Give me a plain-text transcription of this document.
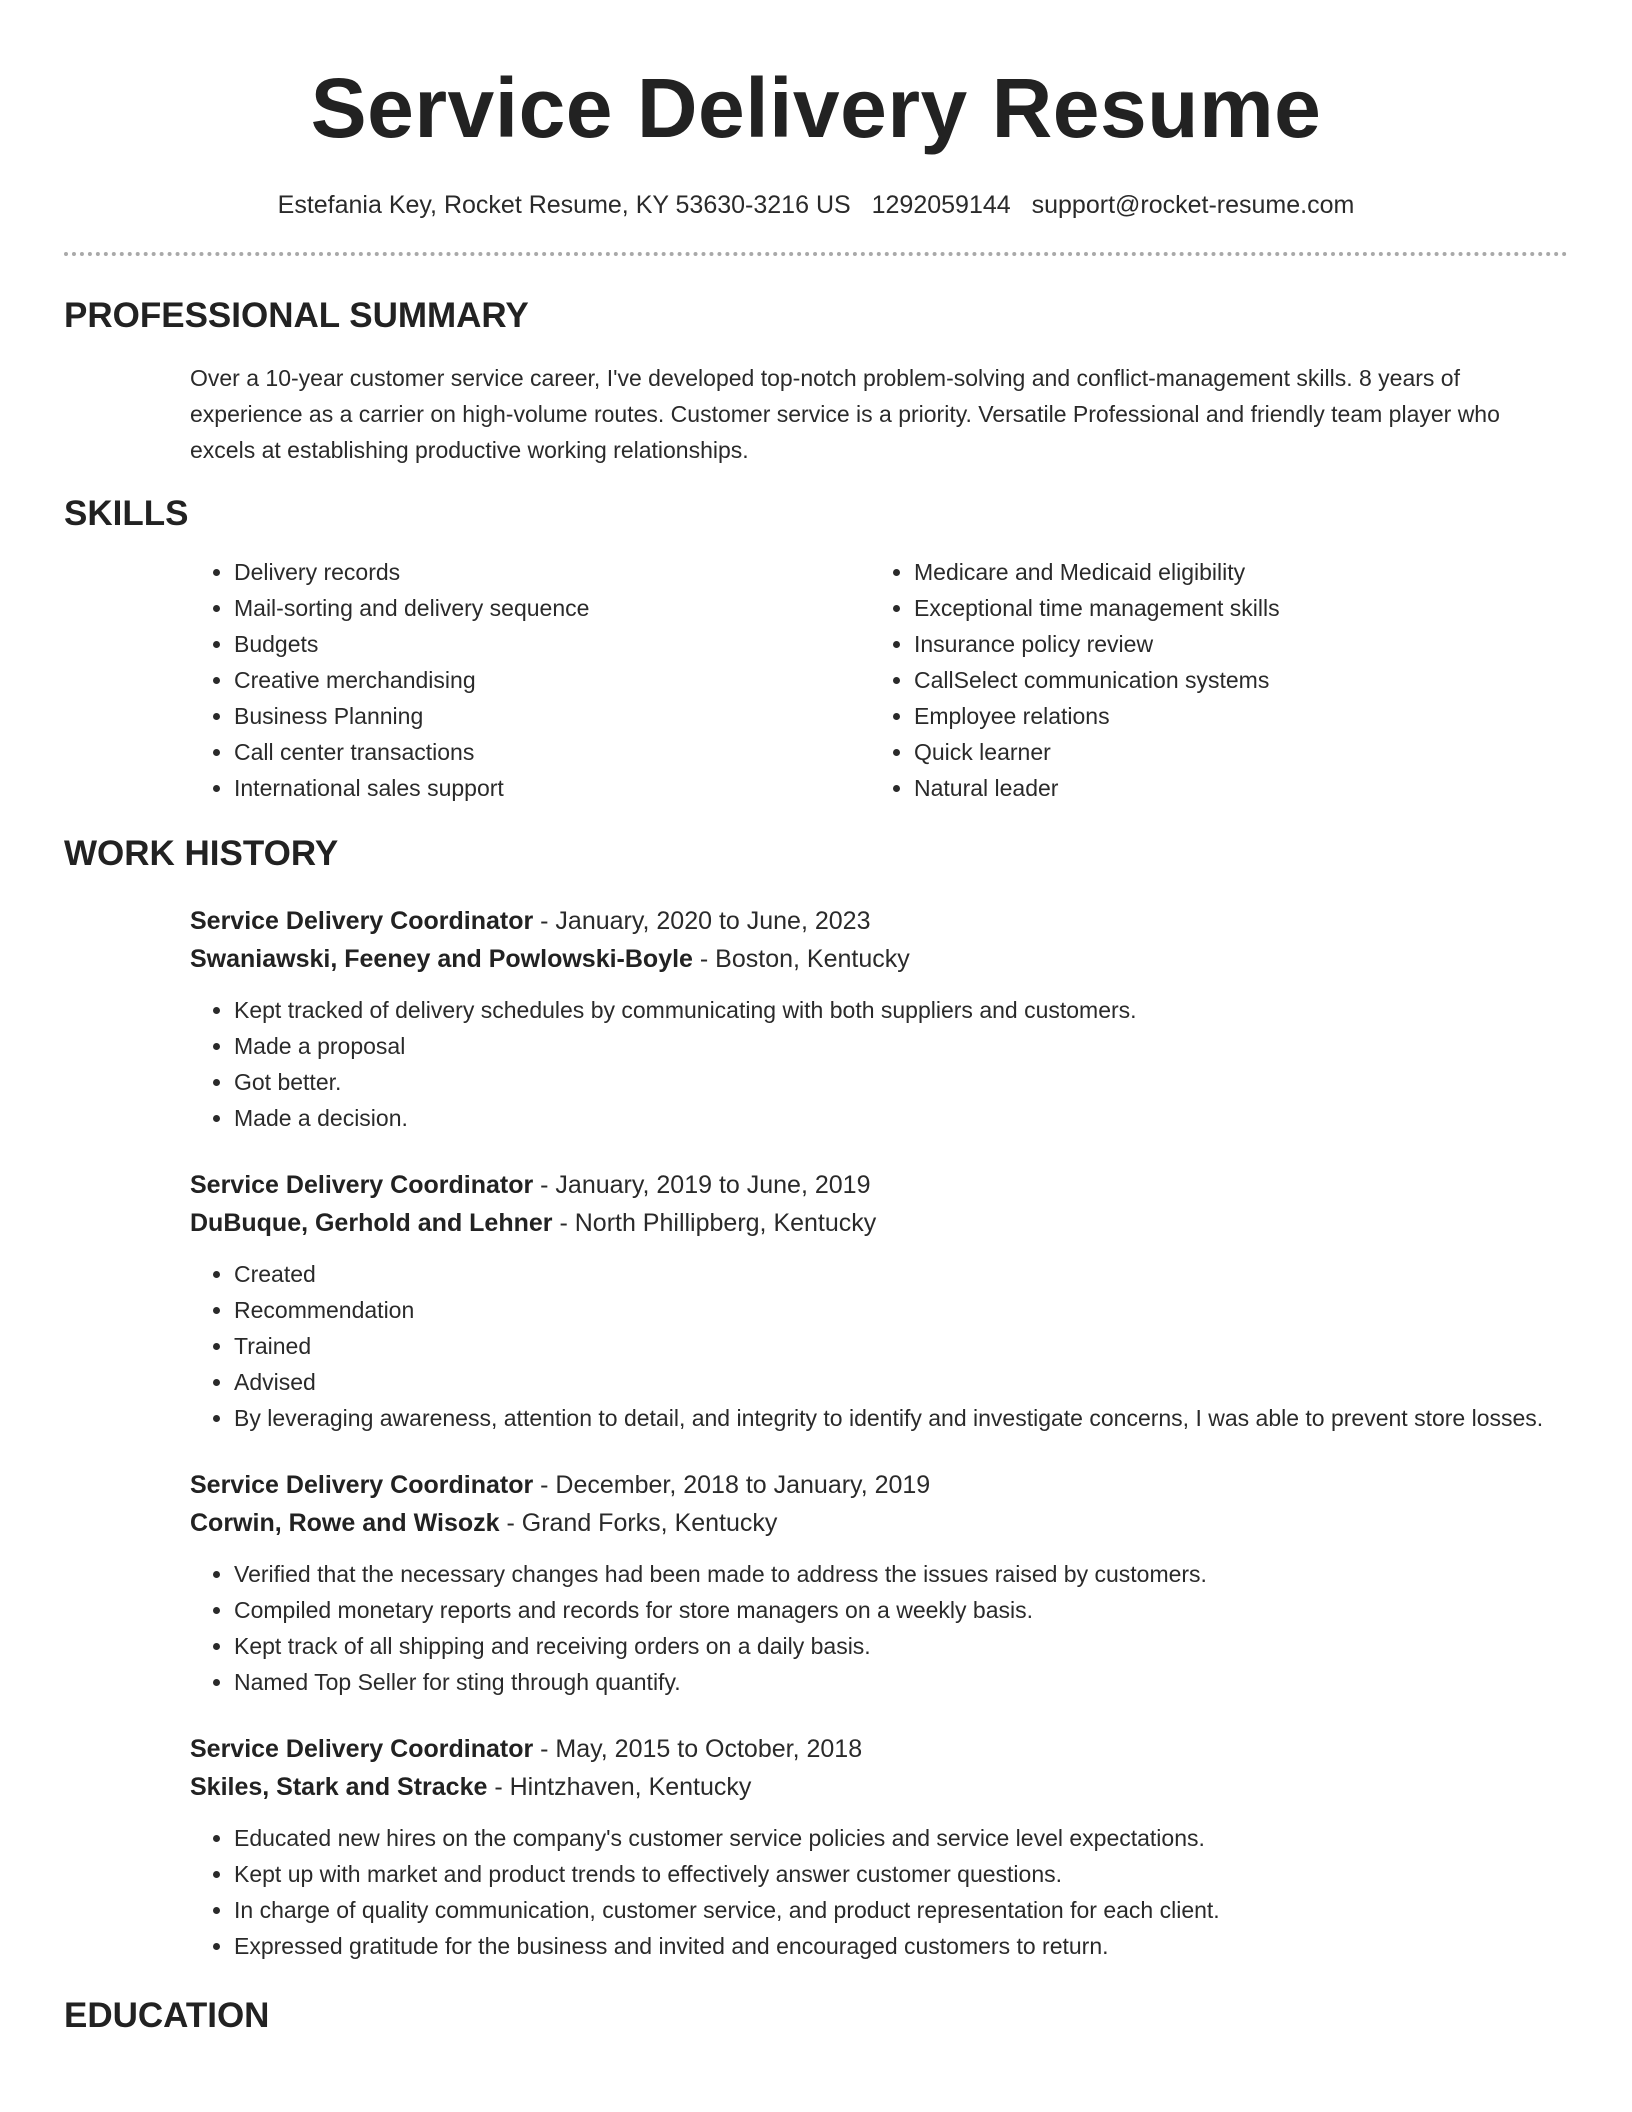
Service Delivery Resume
Estefania Key, Rocket Resume, KY 53630-3216 US 1292059144 support@rocket-resume.com
PROFESSIONAL SUMMARY

Over a 10-year customer service career, I've developed top-notch problem-solving and conflict-management skills. 8 years of experience as a carrier on high-volume routes. Customer service is a priority. Versatile Professional and friendly team player who excels at establishing productive working relationships.

SKILLS
• Delivery records
• Mail-sorting and delivery sequence
• Budgets
• Creative merchandising
• Business Planning
• Call center transactions
• International sales support
• Medicare and Medicaid eligibility
• Exceptional time management skills
• Insurance policy review
• CallSelect communication systems
• Employee relations
• Quick learner
• Natural leader
WORK HISTORY
Service Delivery Coordinator - January, 2020 to June, 2023
Swaniawski, Feeney and Powlowski-Boyle - Boston, Kentucky
• Kept tracked of delivery schedules by communicating with both suppliers and customers.
• Made a proposal
• Got better.
• Made a decision.
Service Delivery Coordinator - January, 2019 to June, 2019
DuBuque, Gerhold and Lehner - North Phillipberg, Kentucky
• Created
• Recommendation
• Trained
• Advised
• By leveraging awareness, attention to detail, and integrity to identify and investigate concerns, I was able to prevent store losses.
Service Delivery Coordinator - December, 2018 to January, 2019
Corwin, Rowe and Wisozk - Grand Forks, Kentucky
• Verified that the necessary changes had been made to address the issues raised by customers.
• Compiled monetary reports and records for store managers on a weekly basis.
• Kept track of all shipping and receiving orders on a daily basis.
• Named Top Seller for sting through quantify.
Service Delivery Coordinator - May, 2015 to October, 2018
Skiles, Stark and Stracke - Hintzhaven, Kentucky
• Educated new hires on the company's customer service policies and service level expectations.
• Kept up with market and product trends to effectively answer customer questions.
• In charge of quality communication, customer service, and product representation for each client.
• Expressed gratitude for the business and invited and encouraged customers to return.
EDUCATION
